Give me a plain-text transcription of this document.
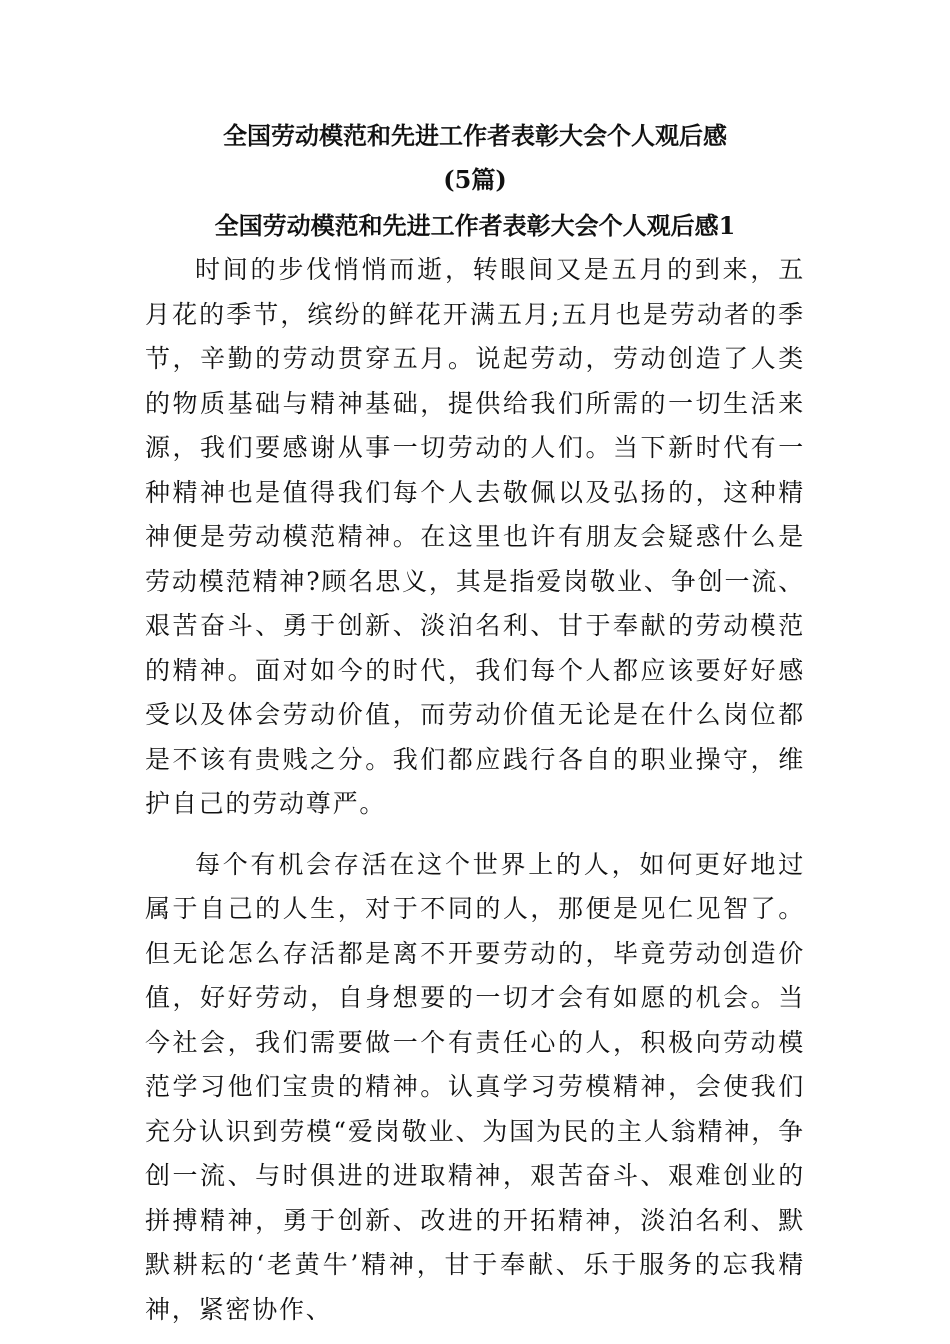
全国劳动模范和先进工作者表彰大会个人观后感
(5篇)
全国劳动模范和先进工作者表彰大会个人观后感1

时间的步伐悄悄而逝，转眼间又是五月的到来，五月花的季节，缤纷的鲜花开满五月;五月也是劳动者的季节，辛勤的劳动贯穿五月。说起劳动，劳动创造了人类的物质基础与精神基础，提供给我们所需的一切生活来源，我们要感谢从事一切劳动的人们。当下新时代有一种精神也是值得我们每个人去敬佩以及弘扬的，这种精神便是劳动模范精神。在这里也许有朋友会疑惑什么是劳动模范精神?顾名思义，其是指爱岗敬业、争创一流、艰苦奋斗、勇于创新、淡泊名利、甘于奉献的劳动模范的精神。面对如今的时代，我们每个人都应该要好好感受以及体会劳动价值，而劳动价值无论是在什么岗位都是不该有贵贱之分。我们都应践行各自的职业操守，维护自己的劳动尊严。

每个有机会存活在这个世界上的人，如何更好地过属于自己的人生，对于不同的人，那便是见仁见智了。但无论怎么存活都是离不开要劳动的，毕竟劳动创造价值，好好劳动，自身想要的一切才会有如愿的机会。当今社会，我们需要做一个有责任心的人，积极向劳动模范学习他们宝贵的精神。认真学习劳模精神，会使我们充分认识到劳模“爱岗敬业、为国为民的主人翁精神，争创一流、与时俱进的进取精神，艰苦奋斗、艰难创业的拼搏精神，勇于创新、改进的开拓精神，淡泊名利、默默耕耘的‘老黄牛’精神，甘于奉献、乐于服务的忘我精神，紧密协作、
